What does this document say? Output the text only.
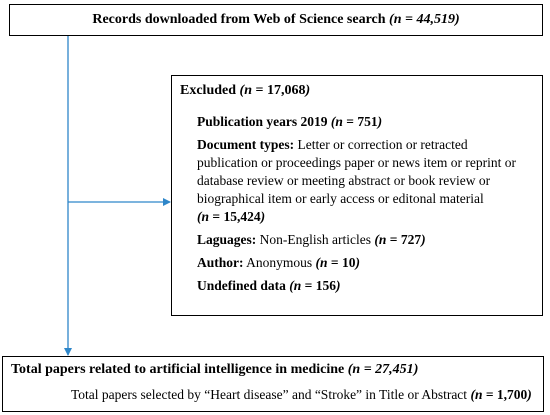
Records downloaded from Web of Science search (n = 44,519)
Excluded (n = 17,068)
Publication years 2019 (n = 751)
Document types: Letter or correction or retracted
publication or proceedings paper or news item or reprint or
database review or meeting abstract or book review or
biographical item or early access or editonal material
(n = 15,424)
Laguages: Non-English articles (n = 727)
Author: Anonymous (n = 10)
Undefined data (n = 156)
Total papers related to artificial intelligence in medicine (n = 27,451)
Total papers selected by “Heart disease” and “Stroke” in Title or Abstract (n = 1,700)
